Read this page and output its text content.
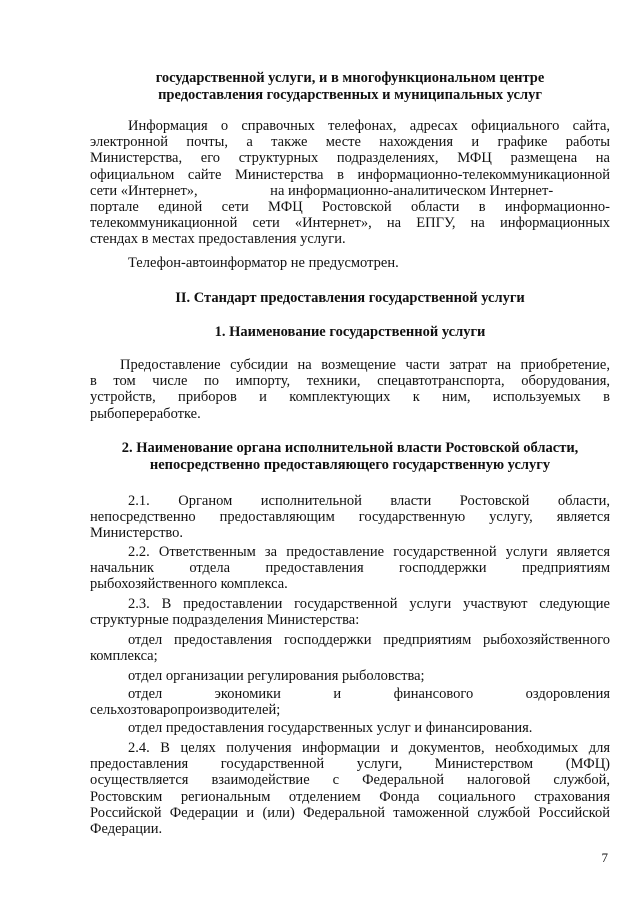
государственной услуги, и в многофункциональном центре
предоставления государственных и муниципальных услуг
Информация о справочных телефонах, адресах официального сайта,
электронной почты, а также месте нахождения и графике работы
Министерства, его структурных подразделениях, МФЦ размещена на
официальном сайте Министерства в информационно-телекоммуникационной
сети «Интернет»,                    на информационно-аналитическом Интернет-
портале единой сети МФЦ Ростовской области в информационно-
телекоммуникационной сети «Интернет», на ЕПГУ, на информационных
стендах в местах предоставления услуги.
Телефон-автоинформатор не предусмотрен.
II. Стандарт предоставления государственной услуги
1. Наименование государственной услуги
Предоставление субсидии на возмещение части затрат на приобретение,
в том числе по импорту, техники, спецавтотранспорта, оборудования,
устройств, приборов и комплектующих к ним, используемых в
рыбопереработке.
2. Наименование органа исполнительной власти Ростовской области,
непосредственно предоставляющего государственную услугу
2.1. Органом исполнительной власти Ростовской области,
непосредственно предоставляющим государственную услугу, является
Министерство.
2.2. Ответственным за предоставление государственной услуги является
начальник отдела предоставления господдержки предприятиям
рыбохозяйственного комплекса.
2.3. В предоставлении государственной услуги участвуют следующие
структурные подразделения Министерства:
отдел предоставления господдержки предприятиям рыбохозяйственного
комплекса;
отдел организации регулирования рыболовства;
отдел экономики и финансового оздоровления
сельхозтоваропроизводителей;
отдел предоставления государственных услуг и финансирования.
2.4. В целях получения информации и документов, необходимых для
предоставления государственной услуги, Министерством (МФЦ)
осуществляется взаимодействие с Федеральной налоговой службой,
Ростовским региональным отделением Фонда социального страхования
Российской Федерации и (или) Федеральной таможенной службой Российской
Федерации.
7
